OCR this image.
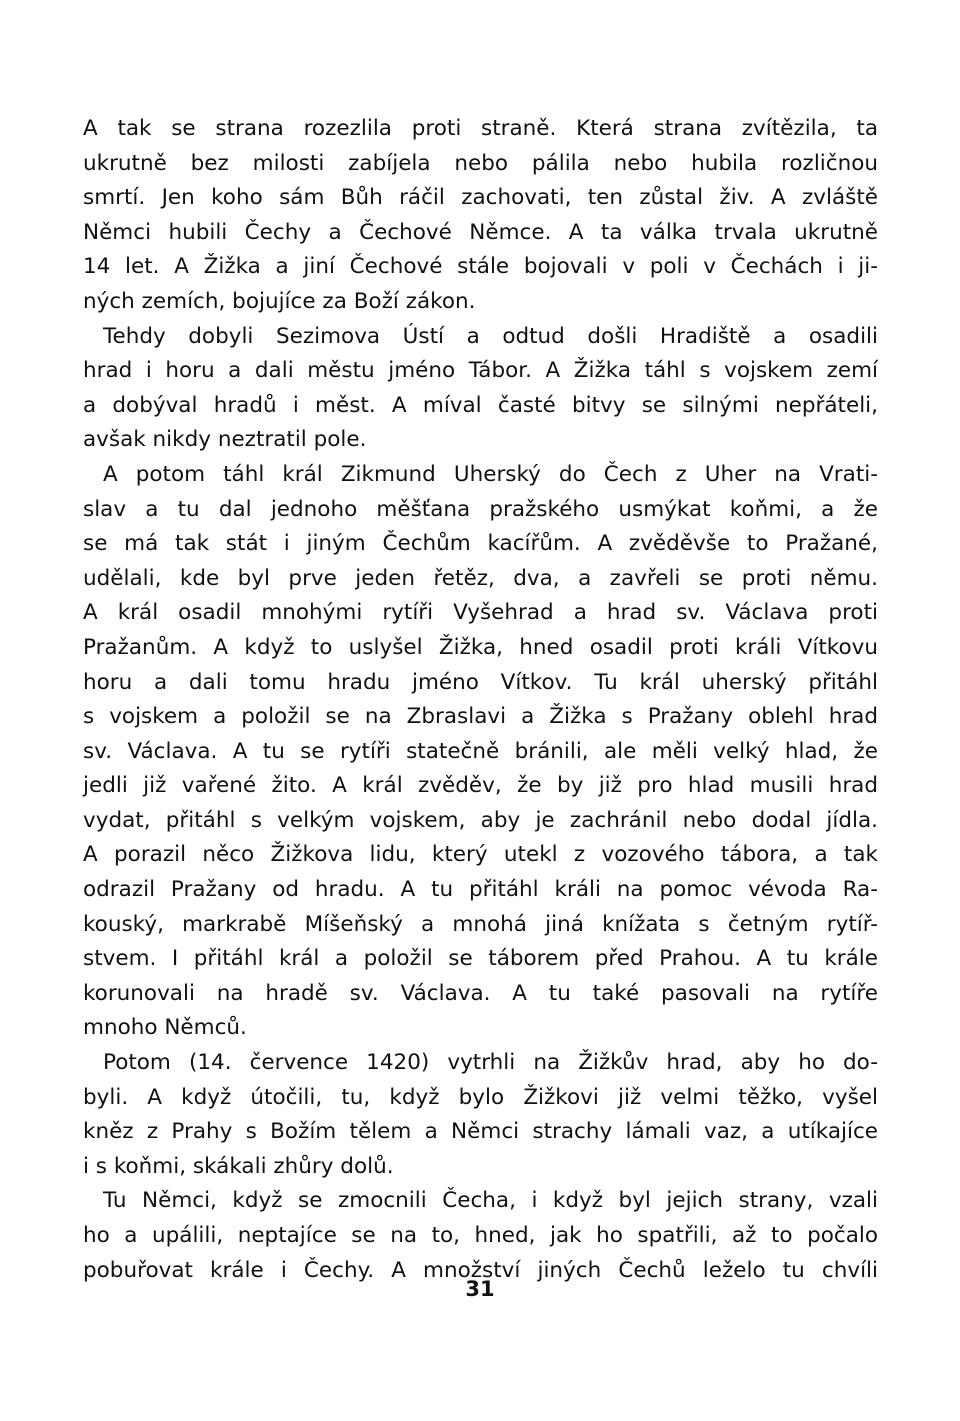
A tak se strana rozezlila proti straně. Která strana zvítězila, ta
ukrutně bez milosti zabíjela nebo pálila nebo hubila rozličnou
smrtí. Jen koho sám Bůh ráčil zachovati, ten zůstal živ. A zvláště
Němci hubili Čechy a Čechové Němce. A ta válka trvala ukrutně
14 let. A Žižka a jiní Čechové stále bojovali v poli v Čechách i ji-
ných zemích, bojujíce za Boží zákon.
Tehdy dobyli Sezimova Ústí a odtud došli Hradiště a osadili
hrad i horu a dali městu jméno Tábor. A Žižka táhl s vojskem zemí
a dobýval hradů i měst. A míval časté bitvy se silnými nepřáteli,
avšak nikdy neztratil pole.
A potom táhl král Zikmund Uherský do Čech z Uher na Vrati-
slav a tu dal jednoho měšťana pražského usmýkat koňmi, a že
se má tak stát i jiným Čechům kacířům. A zvěděvše to Pražané,
udělali, kde byl prve jeden řetěz, dva, a zavřeli se proti němu.
A král osadil mnohými rytíři Vyšehrad a hrad sv. Václava proti
Pražanům. A když to uslyšel Žižka, hned osadil proti králi Vítkovu
horu a dali tomu hradu jméno Vítkov. Tu král uherský přitáhl
s vojskem a položil se na Zbraslavi a Žižka s Pražany oblehl hrad
sv. Václava. A tu se rytíři statečně bránili, ale měli velký hlad, že
jedli již vařené žito. A král zvěděv, že by již pro hlad musili hrad
vydat, přitáhl s velkým vojskem, aby je zachránil nebo dodal jídla.
A porazil něco Žižkova lidu, který utekl z vozového tábora, a tak
odrazil Pražany od hradu. A tu přitáhl králi na pomoc vévoda Ra-
kouský, markrabě Míšeňský a mnohá jiná knížata s četným rytíř-
stvem. I přitáhl král a položil se táborem před Prahou. A tu krále
korunovali na hradě sv. Václava. A tu také pasovali na rytíře
mnoho Němců.
Potom (14. července 1420) vytrhli na Žižkův hrad, aby ho do-
byli. A když útočili, tu, když bylo Žižkovi již velmi těžko, vyšel
kněz z Prahy s Božím tělem a Němci strachy lámali vaz, a utíkajíce
i s koňmi, skákali zhůry dolů.
Tu Němci, když se zmocnili Čecha, i když byl jejich strany, vzali
ho a upálili, neptajíce se na to, hned, jak ho spatřili, až to počalo
pobuřovat krále i Čechy. A množství jiných Čechů leželo tu chvíli
31
